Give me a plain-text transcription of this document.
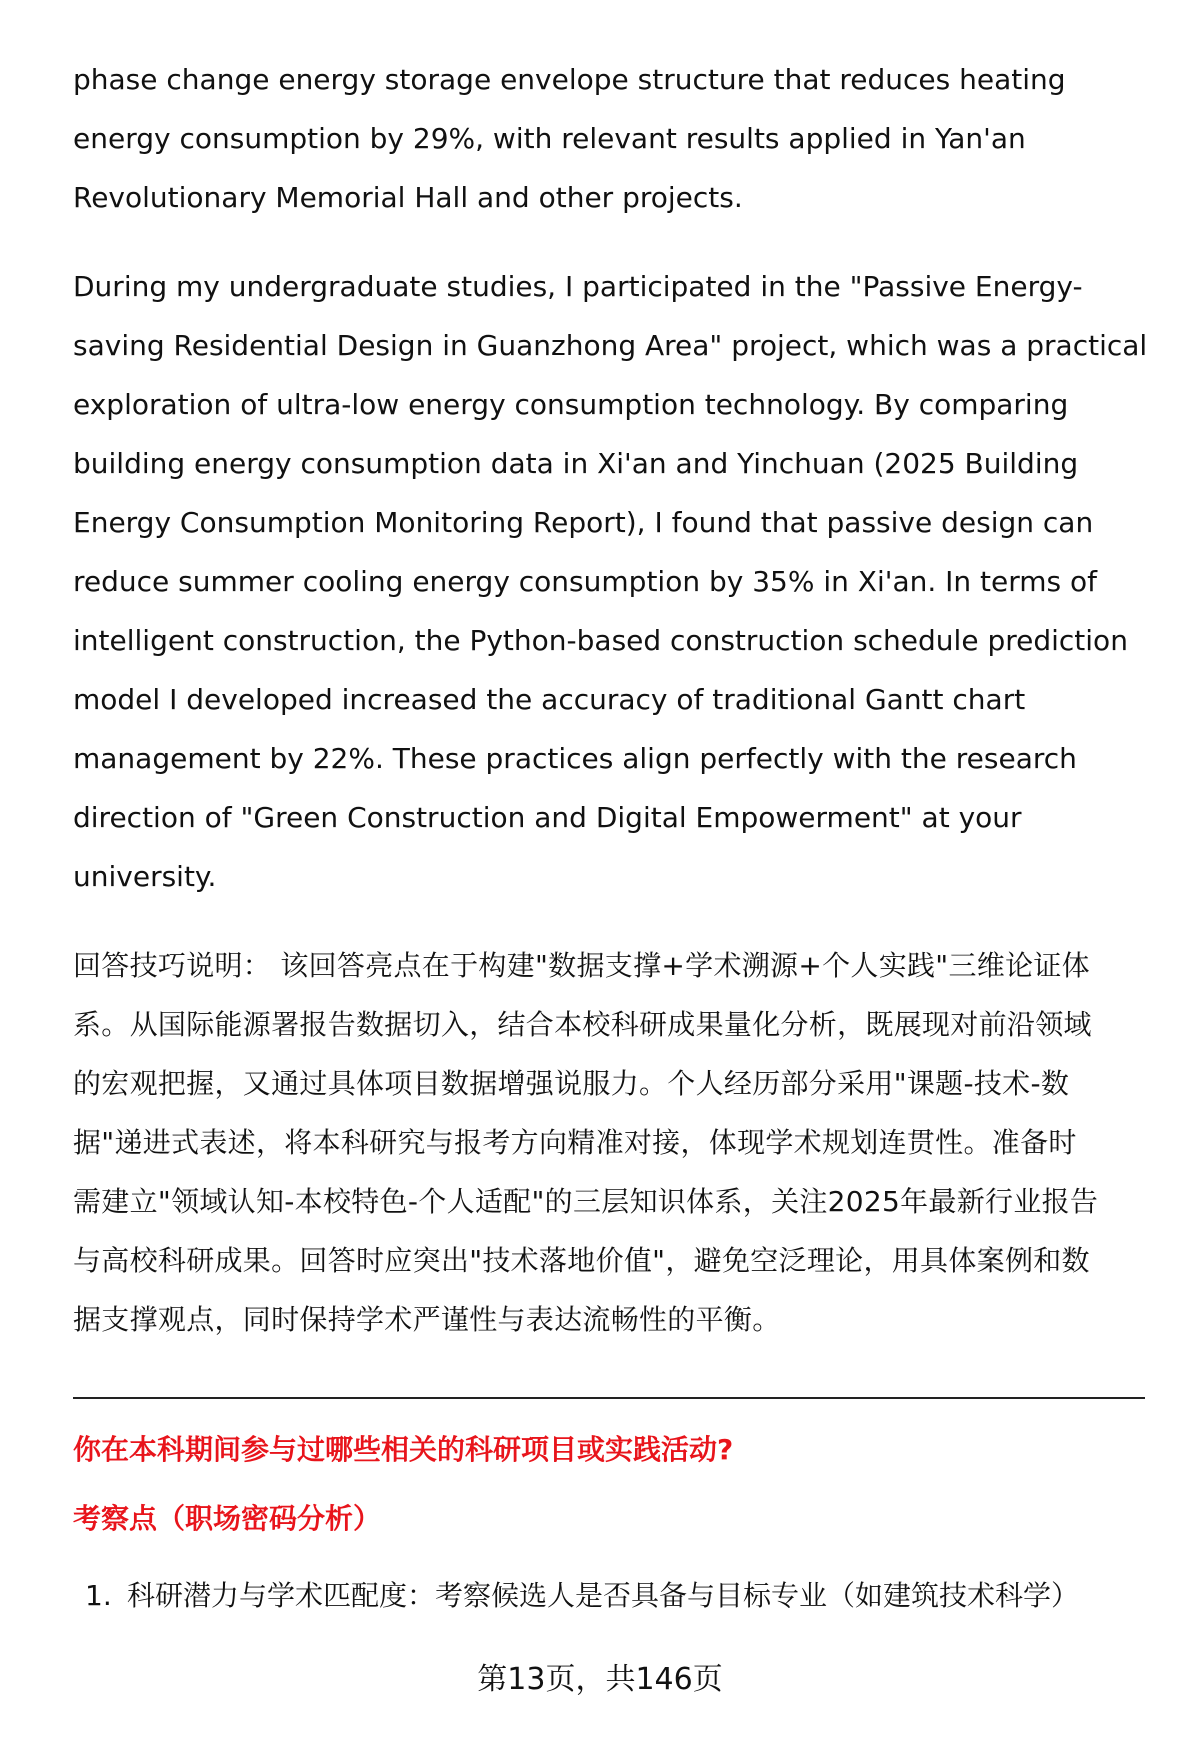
phase change energy storage envelope structure that reduces heating
energy consumption by 29%, with relevant results applied in Yan'an
Revolutionary Memorial Hall and other projects.
During my undergraduate studies, I participated in the "Passive Energy-
saving Residential Design in Guanzhong Area" project, which was a practical
exploration of ultra-low energy consumption technology. By comparing
building energy consumption data in Xi'an and Yinchuan (2025 Building
Energy Consumption Monitoring Report), I found that passive design can
reduce summer cooling energy consumption by 35% in Xi'an. In terms of
intelligent construction, the Python-based construction schedule prediction
model I developed increased the accuracy of traditional Gantt chart
management by 22%. These practices align perfectly with the research
direction of "Green Construction and Digital Empowerment" at your
university.
回答技巧说明： 该回答亮点在于构建"数据支撑+学术溯源+个人实践"三维论证体
系。从国际能源署报告数据切入，结合本校科研成果量化分析，既展现对前沿领域
的宏观把握，又通过具体项目数据增强说服力。个人经历部分采用"课题-技术-数
据"递进式表述，将本科研究与报考方向精准对接，体现学术规划连贯性。准备时
需建立"领域认知-本校特色-个人适配"的三层知识体系，关注2025年最新行业报告
与高校科研成果。回答时应突出"技术落地价值"，避免空泛理论，用具体案例和数
据支撑观点，同时保持学术严谨性与表达流畅性的平衡。
你在本科期间参与过哪些相关的科研项目或实践活动?
考察点（职场密码分析）
1. 科研潜力与学术匹配度：考察候选人是否具备与目标专业（如建筑技术科学）
第13页，共146页
